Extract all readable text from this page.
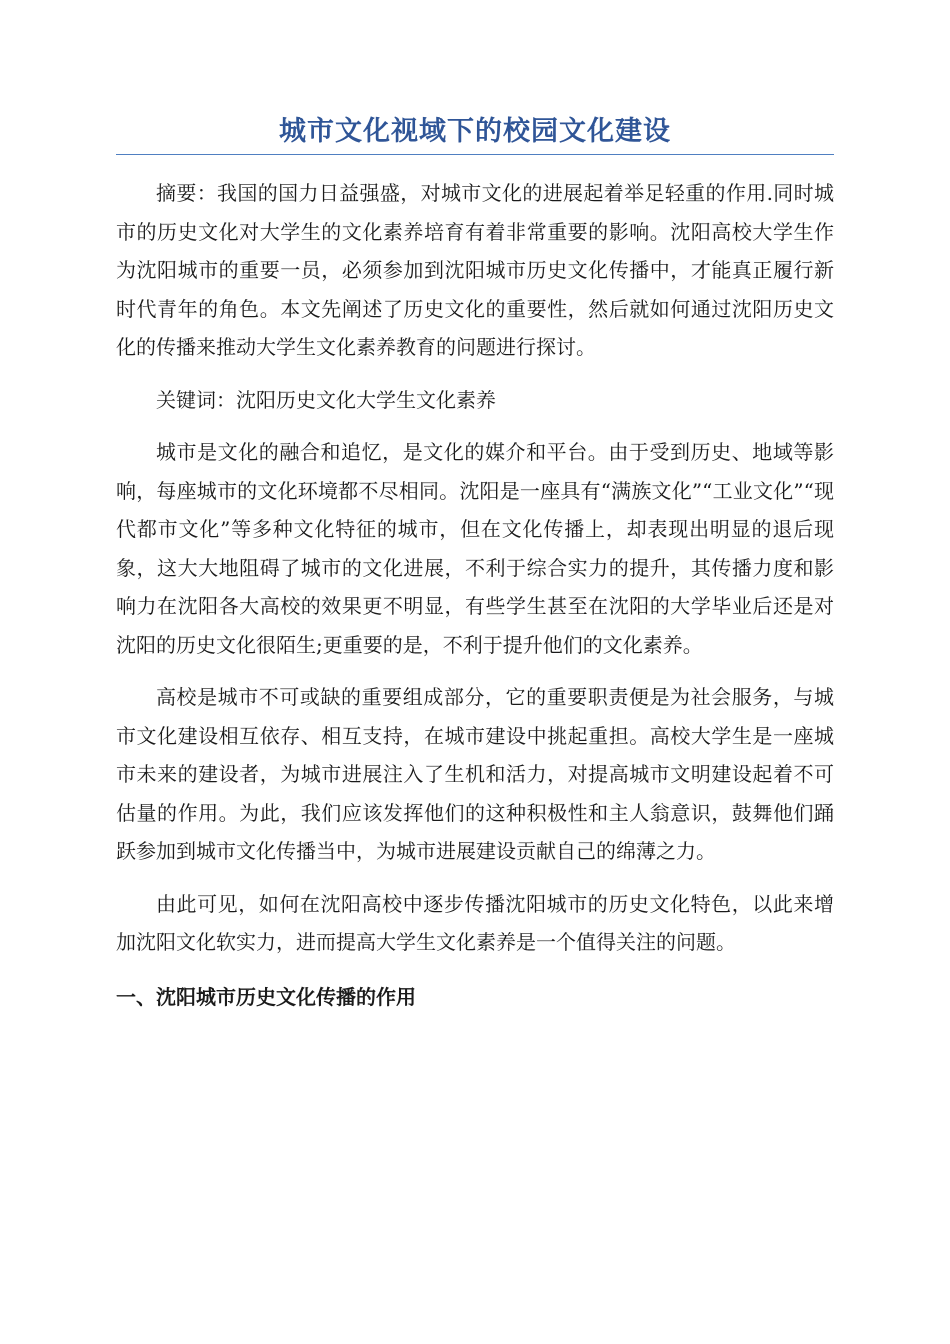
城市文化视域下的校园文化建设

摘要：我国的国力日益强盛，对城市文化的进展起着举足轻重的作用.同时城市的历史文化对大学生的文化素养培育有着非常重要的影响。沈阳高校大学生作为沈阳城市的重要一员，必须参加到沈阳城市历史文化传播中，才能真正履行新时代青年的角色。本文先阐述了历史文化的重要性，然后就如何通过沈阳历史文化的传播来推动大学生文化素养教育的问题进行探讨。

关键词：沈阳历史文化大学生文化素养

城市是文化的融合和追忆，是文化的媒介和平台。由于受到历史、地域等影响，每座城市的文化环境都不尽相同。沈阳是一座具有“满族文化”“工业文化”“现代都市文化”等多种文化特征的城市，但在文化传播上，却表现出明显的退后现象，这大大地阻碍了城市的文化进展，不利于综合实力的提升，其传播力度和影响力在沈阳各大高校的效果更不明显，有些学生甚至在沈阳的大学毕业后还是对沈阳的历史文化很陌生;更重要的是，不利于提升他们的文化素养。

高校是城市不可或缺的重要组成部分，它的重要职责便是为社会服务，与城市文化建设相互依存、相互支持，在城市建设中挑起重担。高校大学生是一座城市未来的建设者，为城市进展注入了生机和活力，对提高城市文明建设起着不可估量的作用。为此，我们应该发挥他们的这种积极性和主人翁意识，鼓舞他们踊跃参加到城市文化传播当中，为城市进展建设贡献自己的绵薄之力。

由此可见，如何在沈阳高校中逐步传播沈阳城市的历史文化特色，以此来增加沈阳文化软实力，进而提高大学生文化素养是一个值得关注的问题。

一、沈阳城市历史文化传播的作用
